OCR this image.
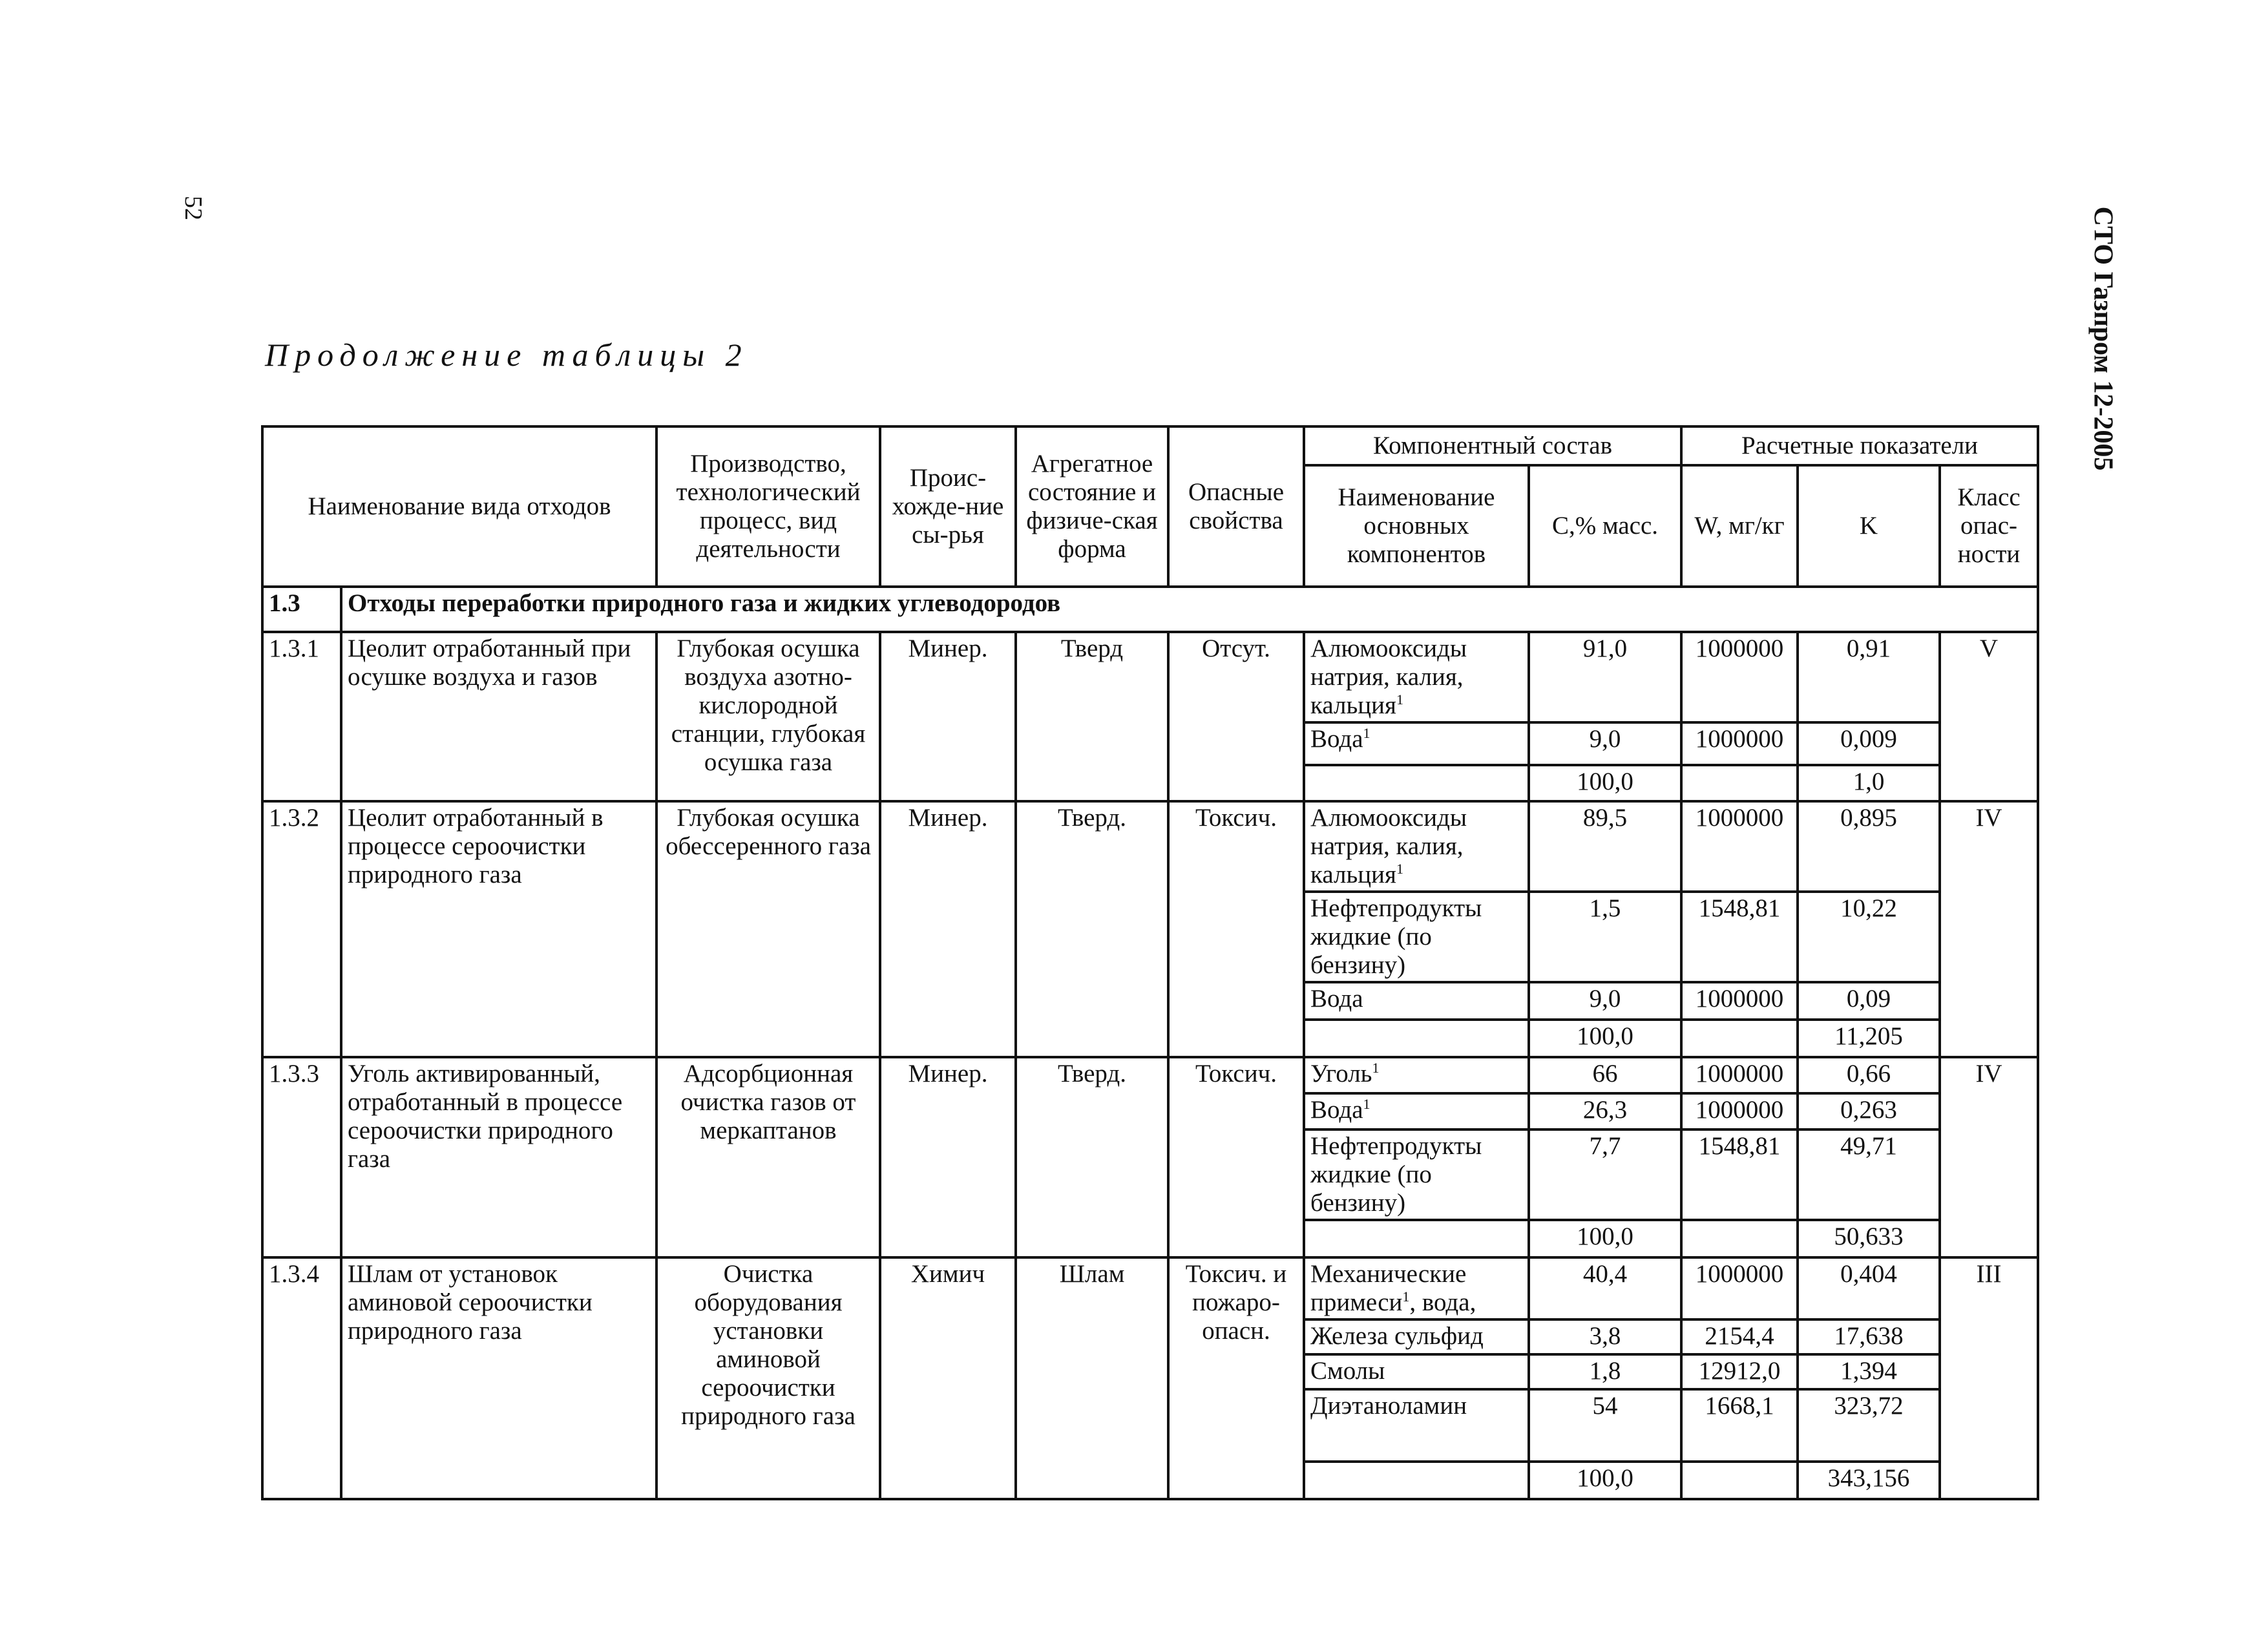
52	СТО Газпром 12-2005
Продолжение таблицы 2
Наименование вида отходов		Производство, технологический процесс, вид деятельности	Проис-хожде-ние сы-рья	Агрегатное состояние и физиче-ская форма	Опасные свойства	Компонентный состав		Расчетные показатели		
						Наименование основных компонентов	С,% масс.	W, мг/кг	K	Класс опас-ности
1.3	Отходы переработки природного газа и жидких углеводородов									
1.3.1	Цеолит отработанный при осушке воздуха и газов	Глубокая осушка воздуха азотно-кислородной станции, глубокая осушка газа	Минер.	Тверд	Отсут.	Алюмооксиды натрия, калия, кальция$^1$	91,0	1000000	0,91	V
						Вода$^1$	9,0	1000000	0,009	
							100,0		1,0	
1.3.2	Цеолит отработанный в процессе сероочистки природного газа	Глубокая осушка обессеренного газа	Минер.	Тверд.	Токсич.	Алюмооксиды натрия, калия, кальция$^1$	89,5	1000000	0,895	IV
						Нефтепродукты жидкие (по бензину)	1,5	1548,81	10,22	
						Вода	9,0	1000000	0,09	
							100,0		11,205	
1.3.3	Уголь активированный, отработанный в процессе сероочистки природного газа	Адсорбционная очистка газов от меркаптанов	Минер.	Тверд.	Токсич.	Уголь$^1$	66	1000000	0,66	IV
						Вода$^1$	26,3	1000000	0,263	
						Нефтепродукты жидкие (по бензину)	7,7	1548,81	49,71	
							100,0		50,633	
1.3.4	Шлам от установок аминовой сероочистки природного газа	Очистка оборудования установки аминовой сероочистки природного газа	Химич	Шлам	Токсич. и пожаро-опасн.	Механические примеси$^1$, вода,	40,4	1000000	0,404	III
						Железа сульфид	3,8	2154,4	17,638	
						Смолы	1,8	12912,0	1,394	
						Диэтаноламин	54	1668,1	323,72	
							100,0		343,156	
